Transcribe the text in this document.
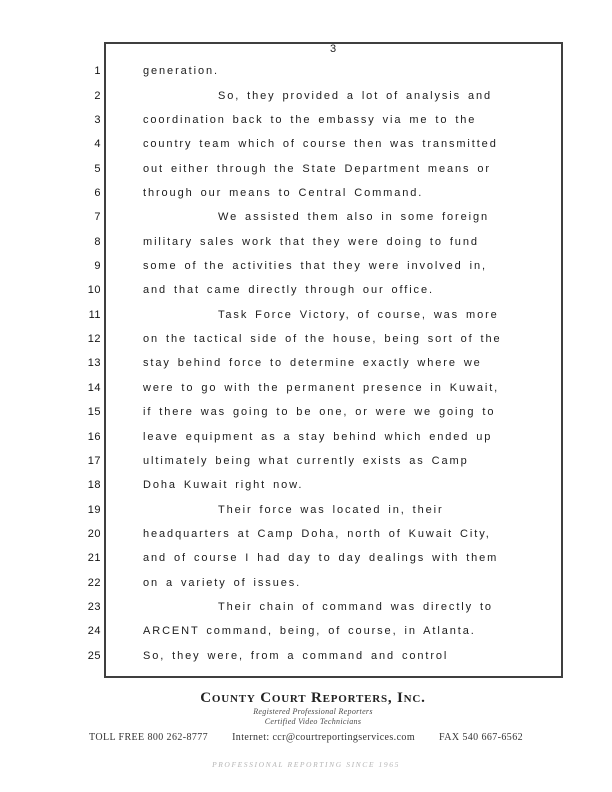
3
1	generation.
2	So, they provided a lot of analysis and
3	coordination back to the embassy via me to the
4	country team which of course then was transmitted
5	out either through the State Department means or
6	through our means to Central Command.
7	We assisted them also in some foreign
8	military sales work that they were doing to fund
9	some of the activities that they were involved in,
10	and that came directly through our office.
11	Task Force Victory, of course, was more
12	on the tactical side of the house, being sort of the
13	stay behind force to determine exactly where we
14	were to go with the permanent presence in Kuwait,
15	if there was going to be one, or were we going to
16	leave equipment as a stay behind which ended up
17	ultimately being what currently exists as Camp
18	Doha Kuwait right now.
19	Their force was located in, their
20	headquarters at Camp Doha, north of Kuwait City,
21	and of course I had day to day dealings with them
22	on a variety of issues.
23	Their chain of command was directly to
24	ARCENT command, being, of course, in Atlanta.
25	So, they were, from a command and control
County Court Reporters, Inc.
Registered Professional Reporters
Certified Video Technicians
TOLL FREE 800 262-8777 Internet: ccr@courtreportingservices.com FAX 540 667-6562
PROFESSIONAL REPORTING SINCE 1965
